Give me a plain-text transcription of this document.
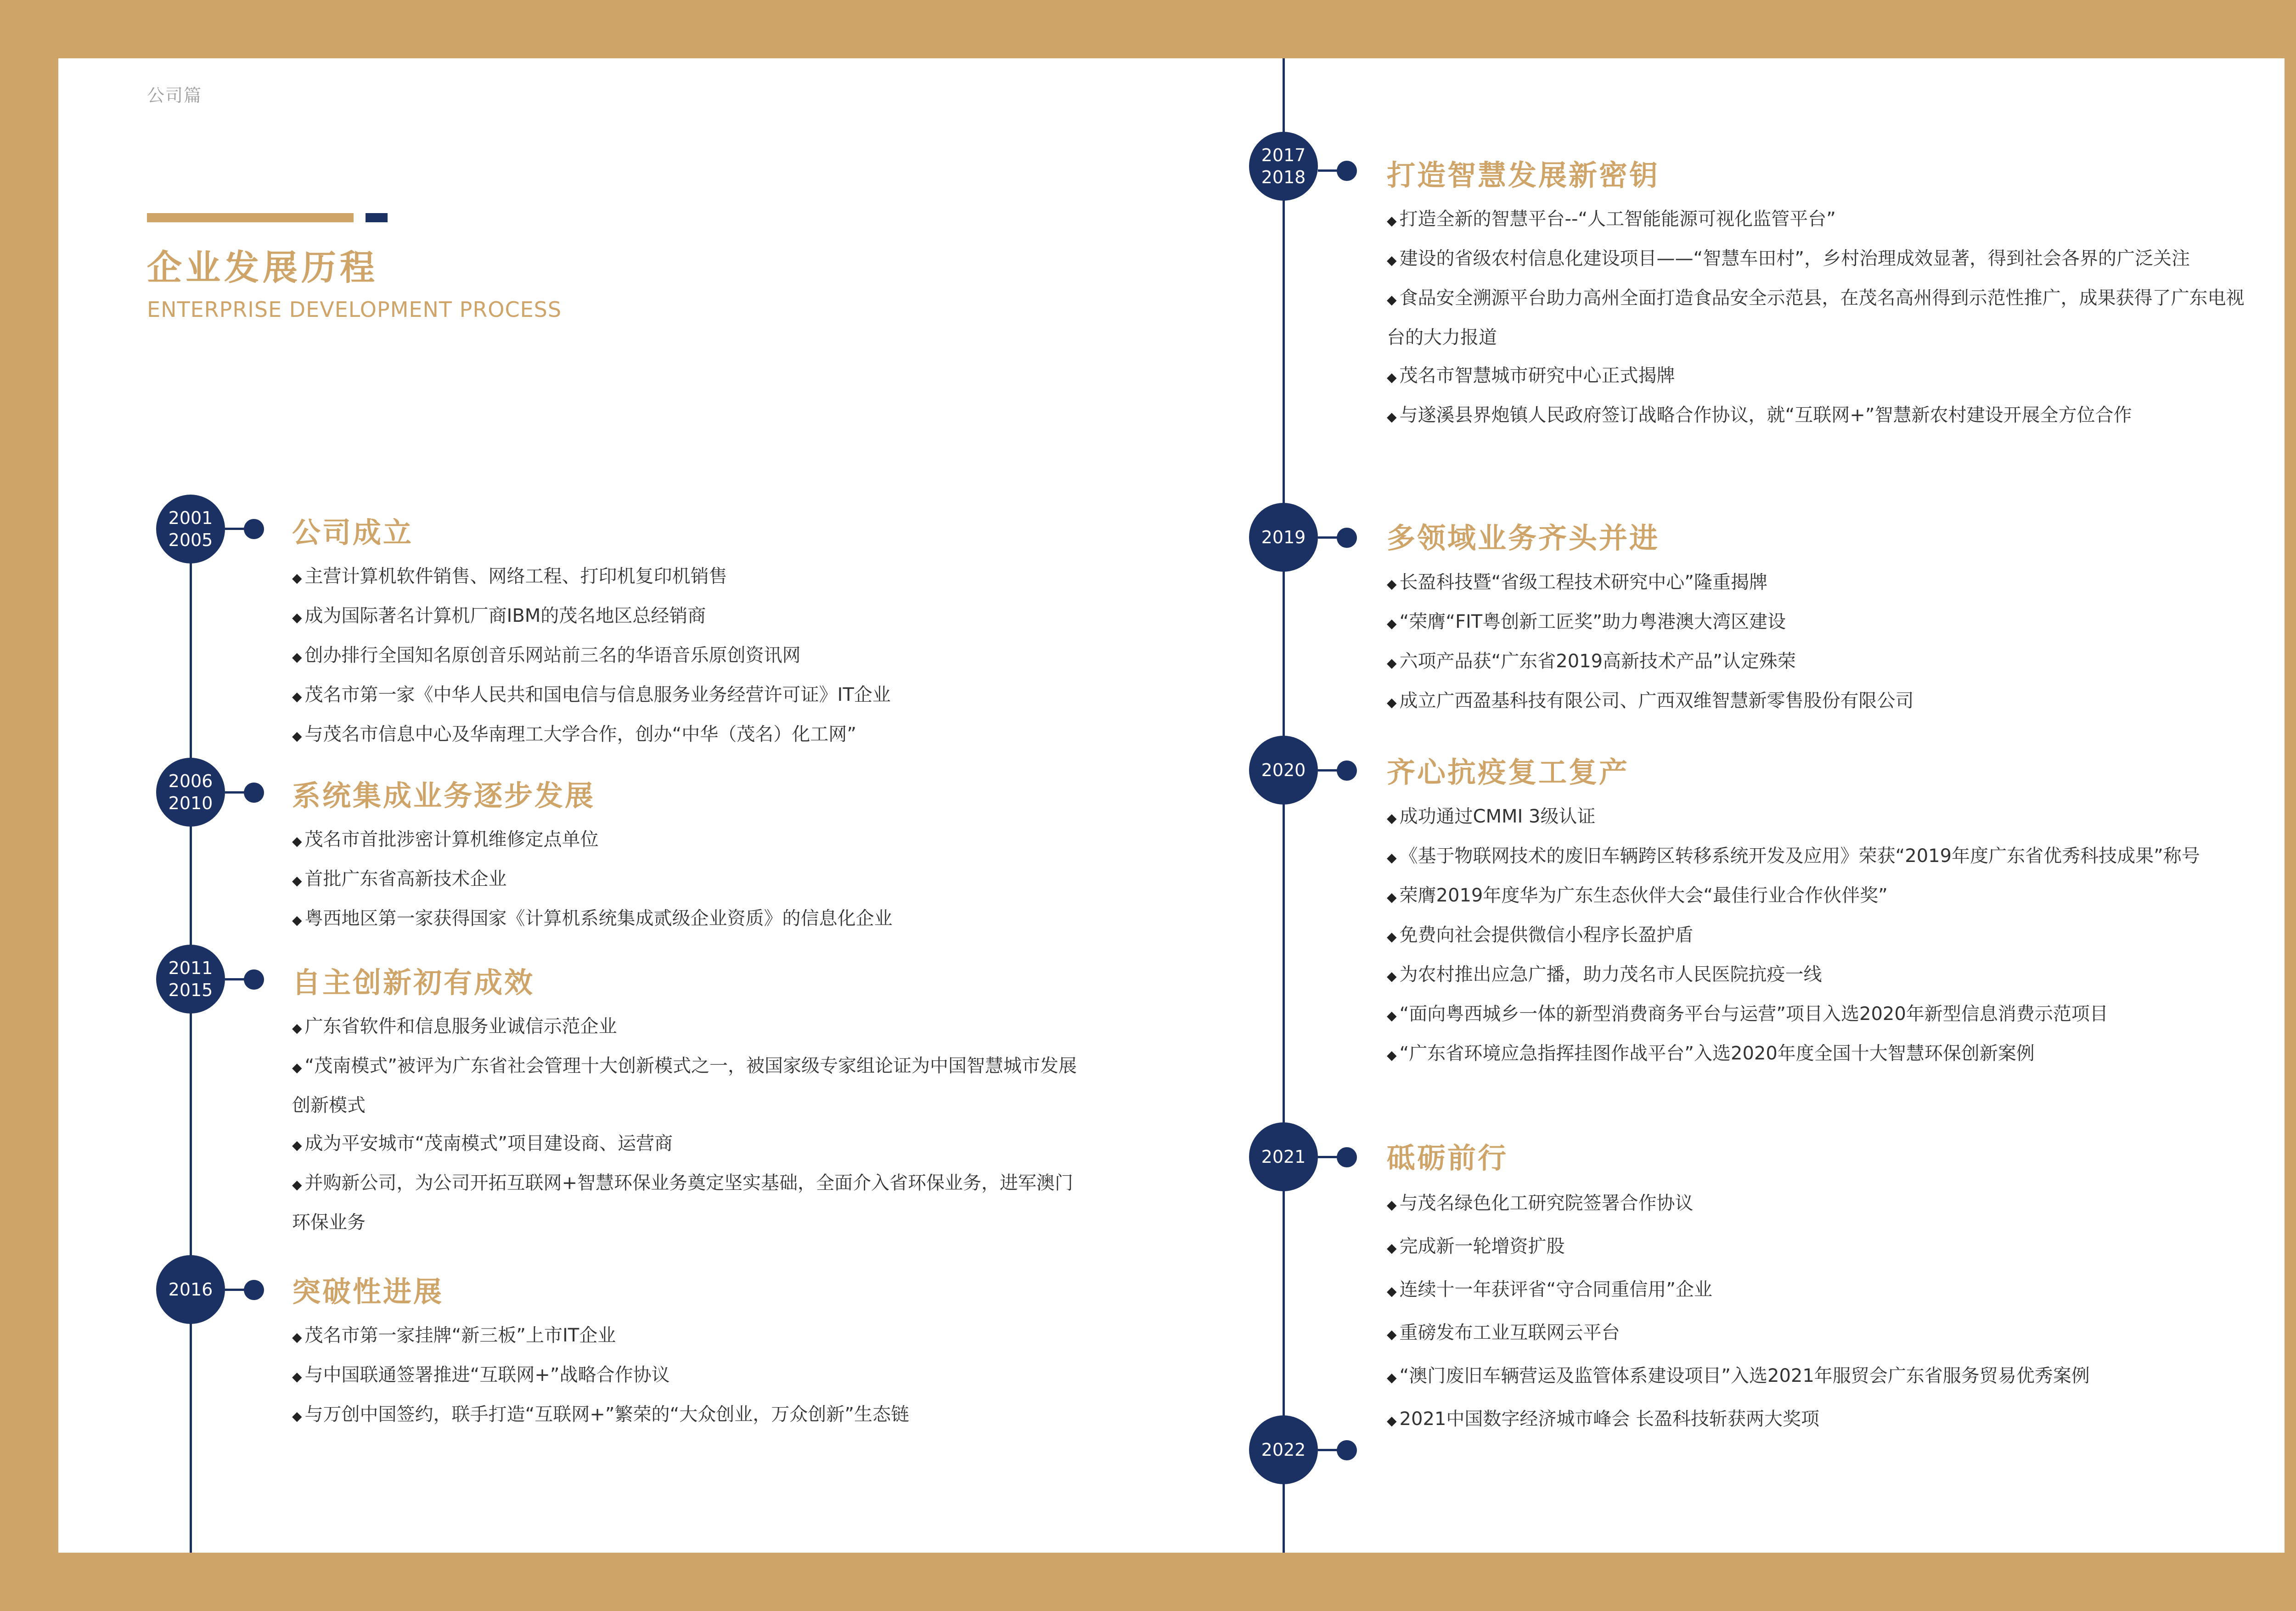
公司篇
企业发展历程
ENTERPRISE DEVELOPMENT PROCESS
2001
2005	公司成立
◆ 主营计算机软件销售、网络工程、打印机复印机销售
◆ 成为国际著名计算机厂商IBM的茂名地区总经销商
◆ 创办排行全国知名原创音乐网站前三名的华语音乐原创资讯网
◆ 茂名市第一家《中华人民共和国电信与信息服务业务经营许可证》IT企业
◆ 与茂名市信息中心及华南理工大学合作，创办“中华（茂名）化工网”
2006
2010	系统集成业务逐步发展
◆ 茂名市首批涉密计算机维修定点单位
◆ 首批广东省高新技术企业
◆ 粤西地区第一家获得国家《计算机系统集成贰级企业资质》的信息化企业
2011
2015	自主创新初有成效
◆ 广东省软件和信息服务业诚信示范企业
◆ “茂南模式”被评为广东省社会管理十大创新模式之一，被国家级专家组论证为中国智慧城市发展创新模式
◆ 成为平安城市“茂南模式”项目建设商、运营商
◆ 并购新公司，为公司开拓互联网+智慧环保业务奠定坚实基础，全面介入省环保业务，进军澳门环保业务
2016	突破性进展
◆ 茂名市第一家挂牌“新三板”上市IT企业
◆ 与中国联通签署推进“互联网+”战略合作协议
◆ 与万创中国签约，联手打造“互联网+”繁荣的“大众创业，万众创新”生态链
2017
2018	打造智慧发展新密钥
◆ 打造全新的智慧平台--“人工智能能源可视化监管平台”
◆ 建设的省级农村信息化建设项目——“智慧车田村”，乡村治理成效显著，得到社会各界的广泛关注
◆ 食品安全溯源平台助力高州全面打造食品安全示范县，在茂名高州得到示范性推广，成果获得了广东电视台的大力报道
◆ 茂名市智慧城市研究中心正式揭牌
◆ 与遂溪县界炮镇人民政府签订战略合作协议，就“互联网+”智慧新农村建设开展全方位合作
2019	多领域业务齐头并进
◆ 长盈科技暨“省级工程技术研究中心”隆重揭牌
◆ “荣膺“FIT粤创新工匠奖”助力粤港澳大湾区建设
◆ 六项产品获“广东省2019高新技术产品”认定殊荣
◆ 成立广西盈基科技有限公司、广西双维智慧新零售股份有限公司
2020	齐心抗疫复工复产
◆ 成功通过CMMI 3级认证
◆ 《基于物联网技术的废旧车辆跨区转移系统开发及应用》荣获“2019年度广东省优秀科技成果”称号
◆ 荣膺2019年度华为广东生态伙伴大会“最佳行业合作伙伴奖”
◆ 免费向社会提供微信小程序长盈护盾
◆ 为农村推出应急广播，助力茂名市人民医院抗疫一线
◆ “面向粤西城乡一体的新型消费商务平台与运营”项目入选2020年新型信息消费示范项目
◆ “广东省环境应急指挥挂图作战平台”入选2020年度全国十大智慧环保创新案例
2021	砥砺前行
◆ 与茂名绿色化工研究院签署合作协议
◆ 完成新一轮增资扩股
◆ 连续十一年获评省“守合同重信用”企业
◆ 重磅发布工业互联网云平台
◆ “澳门废旧车辆营运及监管体系建设项目”入选2021年服贸会广东省服务贸易优秀案例
◆ 2021中国数字经济城市峰会 长盈科技斩获两大奖项
2022
